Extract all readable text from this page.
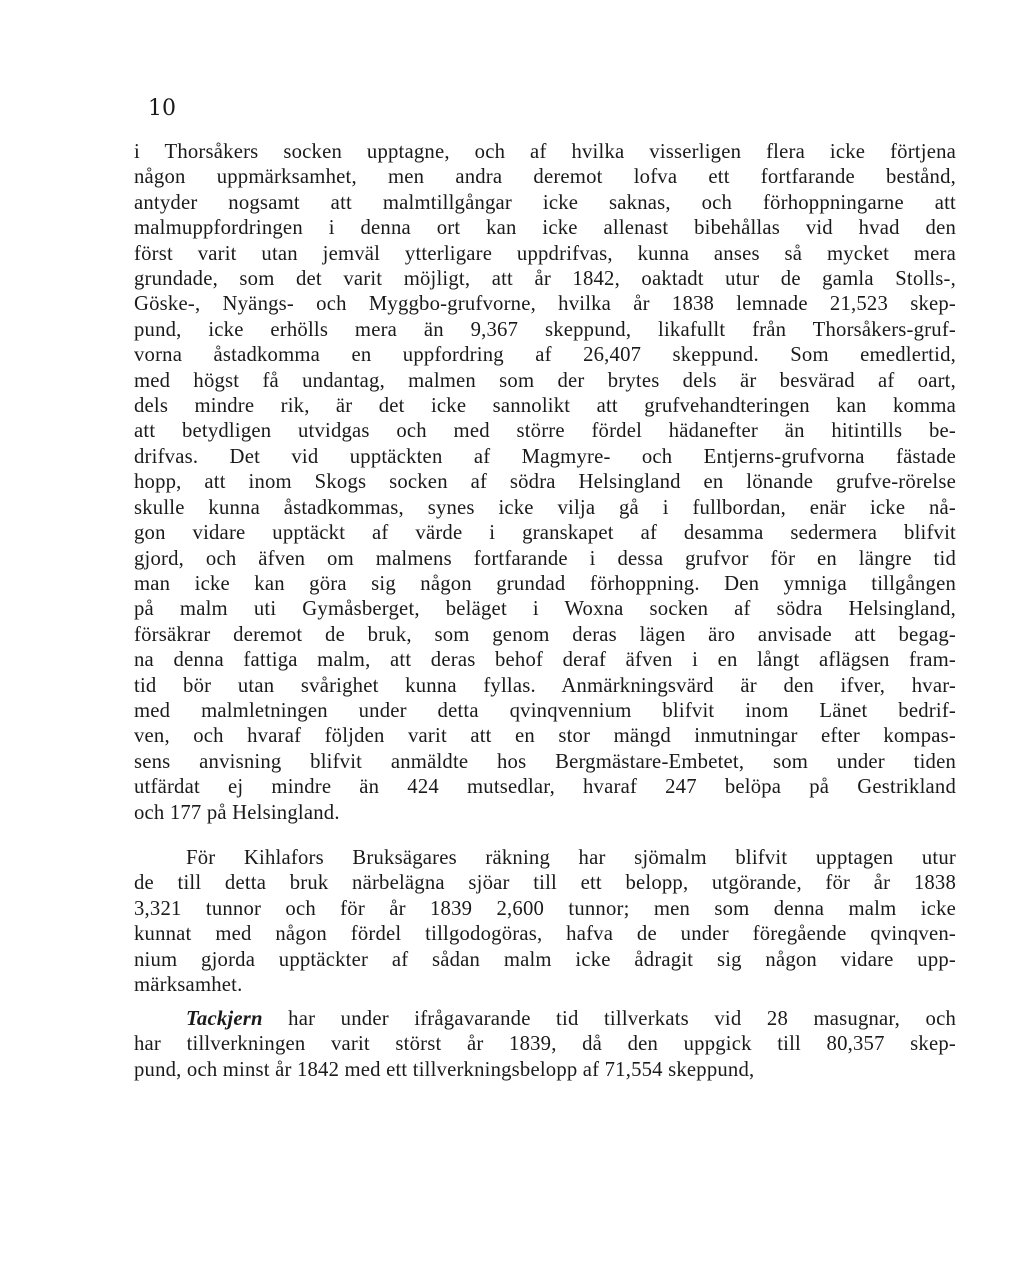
10
i Thorsåkers socken upptagne, och af hvilka visserligen flera icke förtjena
någon uppmärksamhet, men andra deremot lofva ett fortfarande bestånd,
antyder nogsamt att malmtillgångar icke saknas, och förhoppningarne att
malmuppfordringen i denna ort kan icke allenast bibehållas vid hvad den
först varit utan jemväl ytterligare uppdrifvas, kunna anses så mycket mera
grundade, som det varit möjligt, att år 1842, oaktadt utur de gamla Stolls-,
Göske-, Nyängs- och Myggbo-grufvorne, hvilka år 1838 lemnade 21,523 skep-
pund, icke erhölls mera än 9,367 skeppund, likafullt från Thorsåkers-gruf-
vorna åstadkomma en uppfordring af 26,407 skeppund. Som emedlertid,
med högst få undantag, malmen som der brytes dels är besvärad af oart,
dels mindre rik, är det icke sannolikt att grufvehandteringen kan komma
att betydligen utvidgas och med större fördel hädanefter än hitintills be-
drifvas. Det vid upptäckten af Magmyre- och Entjerns-grufvorna fästade
hopp, att inom Skogs socken af södra Helsingland en lönande grufve-rörelse
skulle kunna åstadkommas, synes icke vilja gå i fullbordan, enär icke nå-
gon vidare upptäckt af värde i granskapet af desamma sedermera blifvit
gjord, och äfven om malmens fortfarande i dessa grufvor för en längre tid
man icke kan göra sig någon grundad förhoppning. Den ymniga tillgången
på malm uti Gymåsberget, beläget i Woxna socken af södra Helsingland,
försäkrar deremot de bruk, som genom deras lägen äro anvisade att begag-
na denna fattiga malm, att deras behof deraf äfven i en långt aflägsen fram-
tid bör utan svårighet kunna fyllas. Anmärkningsvärd är den ifver, hvar-
med malmletningen under detta qvinqvennium blifvit inom Länet bedrif-
ven, och hvaraf följden varit att en stor mängd inmutningar efter kompas-
sens anvisning blifvit anmäldte hos Bergmästare-Embetet, som under tiden
utfärdat ej mindre än 424 mutsedlar, hvaraf 247 belöpa på Gestrikland
och 177 på Helsingland.
För Kihlafors Bruksägares räkning har sjömalm blifvit upptagen utur
de till detta bruk närbelägna sjöar till ett belopp, utgörande, för år 1838
3,321 tunnor och för år 1839 2,600 tunnor; men som denna malm icke
kunnat med någon fördel tillgodogöras, hafva de under föregående qvinqven-
nium gjorda upptäckter af sådan malm icke ådragit sig någon vidare upp-
märksamhet.
Tackjern har under ifrågavarande tid tillverkats vid 28 masugnar, och
har tillverkningen varit störst år 1839, då den uppgick till 80,357 skep-
pund, och minst år 1842 med ett tillverkningsbelopp af 71,554 skeppund,
